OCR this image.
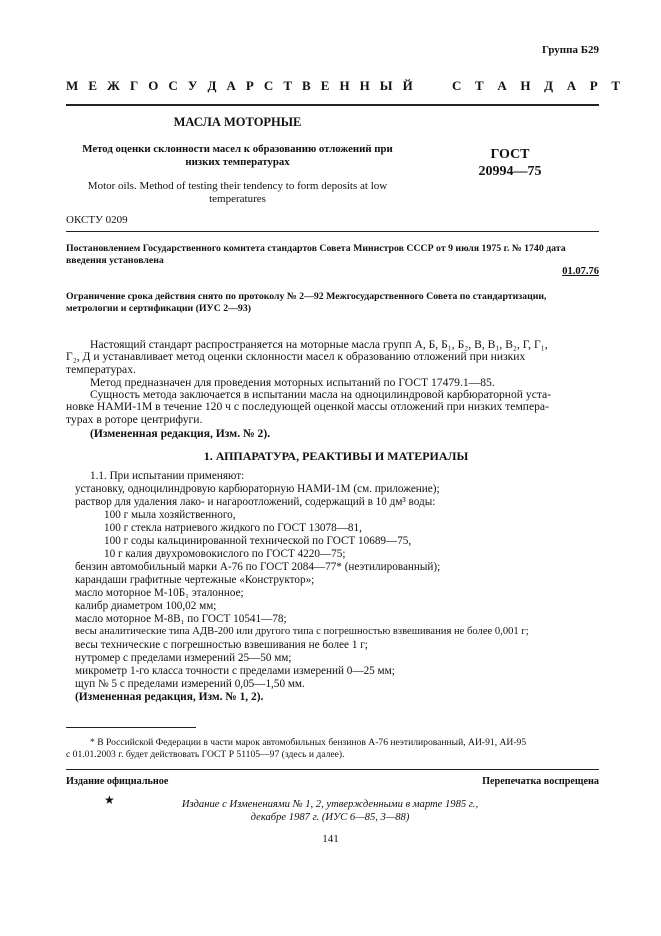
Группа Б29
М Е Ж Г О С У Д А Р С Т В Е Н Н Ы Й	С Т А Н Д А Р Т
МАСЛА МОТОРНЫЕ
Метод оценки склонности масел к образованию отложений при
низких температурах
Motor oils. Method of testing their tendency to form deposits at low
temperatures
ГОСТ
20994—75
ОКСТУ 0209
Постановлением Государственного комитета стандартов Совета Министров СССР от 9 июля 1975 г. № 1740 дата
введения установлена
01.07.76
Ограничение срока действия снято по протоколу № 2—92 Межгосударственного Совета по стандартизации,
метрологии и сертификации (ИУС 2—93)
Настоящий стандарт распространяется на моторные масла групп А, Б, Б₁, Б₂, В, В₁, В₂, Г, Г₁,
Г₂, Д и устанавливает метод оценки склонности масел к образованию отложений при низких
температурах.
Метод предназначен для проведения моторных испытаний по ГОСТ 17479.1—85.
Сущность метода заключается в испытании масла на одноцилиндровой карбюраторной уста-
новке НАМИ-1М в течение 120 ч с последующей оценкой массы отложений при низких темпера-
турах в роторе центрифуги.
(Измененная редакция, Изм. № 2).
1. АППАРАТУРА, РЕАКТИВЫ И МАТЕРИАЛЫ
1.1. При испытании применяют:
установку, одноцилиндровую карбюраторную НАМИ-1М (см. приложение);
раствор для удаления лако- и нагароотложений, содержащий в 10 дм³ воды:
100 г мыла хозяйственного,
100 г стекла натриевого жидкого по ГОСТ 13078—81,
100 г соды кальцинированной технической по ГОСТ 10689—75,
10 г калия двухромовокислого по ГОСТ 4220—75;
бензин автомобильный марки А-76 по ГОСТ 2084—77* (неэтилированный);
карандаши графитные чертежные «Конструктор»;
масло моторное М-10Б₁ эталонное;
калибр диаметром 100,02 мм;
масло моторное М-8В₁ по ГОСТ 10541—78;
весы аналитические типа АДВ-200 или другого типа с погрешностью взвешивания не более 0,001 г;
весы технические с погрешностью взвешивания не более 1 г;
нутромер с пределами измерений 25—50 мм;
микрометр 1-го класса точности с пределами измерений 0—25 мм;
щуп № 5 с пределами измерений 0,05—1,50 мм.
(Измененная редакция, Изм. № 1, 2).
* В Российской Федерации в части марок автомобильных бензинов А-76 неэтилированный, АИ-91, АИ-95
с 01.01.2003 г. будет действовать ГОСТ Р 51105—97 (здесь и далее).
Издание официальное	Перепечатка воспрещена
★	Издание с Изменениями № 1, 2, утвержденными в марте 1985 г.,
декабре 1987 г. (ИУС 6—85, 3—88)
141
